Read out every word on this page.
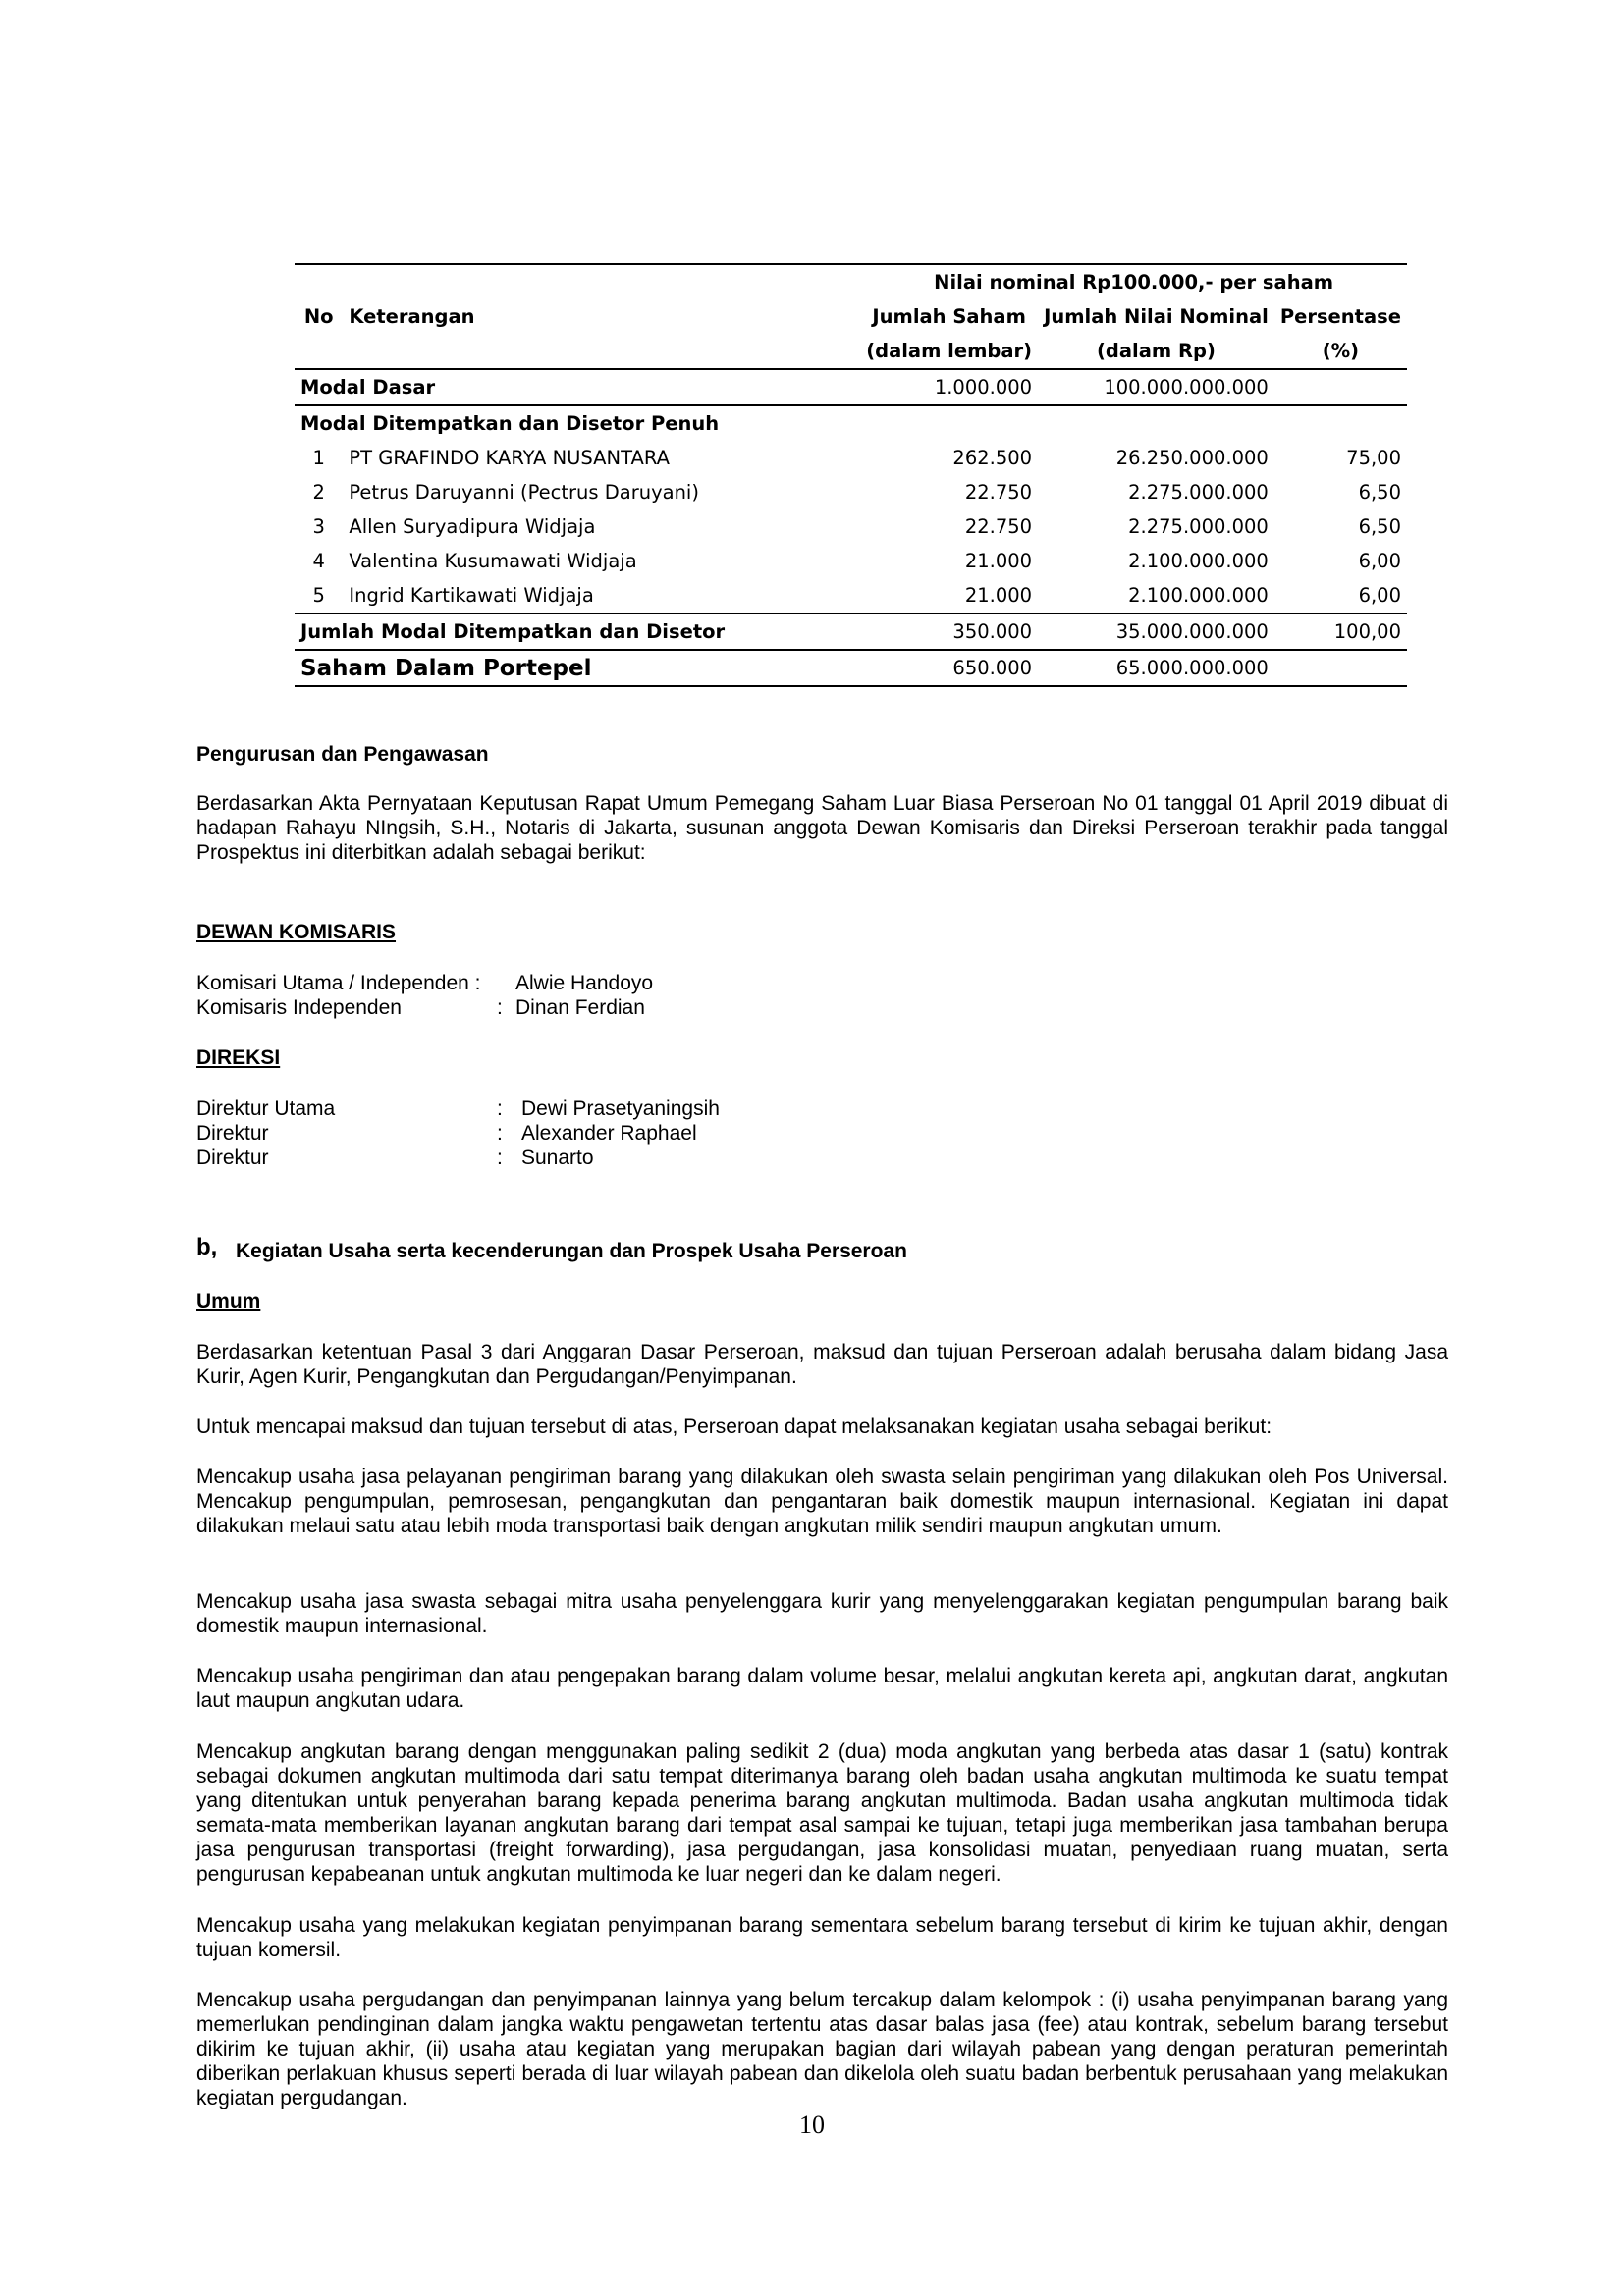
		Nilai nominal Rp100.000,- per saham		
No	Keterangan	Jumlah Saham	Jumlah Nilai Nominal	Persentase
		(dalam lembar)	(dalam Rp)	(%)
Modal Dasar		1.000.000	100.000.000.000	
Modal Ditempatkan dan Disetor Penuh				
1	PT GRAFINDO KARYA NUSANTARA	262.500	26.250.000.000	75,00
2	Petrus Daruyanni (Pectrus Daruyani)	22.750	2.275.000.000	6,50
3	Allen Suryadipura Widjaja	22.750	2.275.000.000	6,50
4	Valentina Kusumawati Widjaja	21.000	2.100.000.000	6,00
5	Ingrid Kartikawati Widjaja	21.000	2.100.000.000	6,00
Jumlah Modal Ditempatkan dan Disetor		350.000	35.000.000.000	100,00
Saham Dalam Portepel		650.000	65.000.000.000	
Pengurusan dan Pengawasan
Berdasarkan Akta Pernyataan Keputusan Rapat Umum Pemegang Saham Luar Biasa Perseroan No 01 tanggal 01 April 2019 dibuat di hadapan Rahayu NIngsih, S.H., Notaris di Jakarta, susunan anggota Dewan Komisaris dan Direksi Perseroan terakhir pada tanggal Prospektus ini diterbitkan adalah sebagai berikut:
DEWAN KOMISARIS
Komisari Utama / Independen : Alwie Handoyo
Komisaris Independen	: Dinan Ferdian
DIREKSI
Direktur Utama	: Dewi Prasetyaningsih
Direktur	: Alexander Raphael
Direktur	: Sunarto
b, Kegiatan Usaha serta kecenderungan dan Prospek Usaha Perseroan
Umum
Berdasarkan ketentuan Pasal 3 dari Anggaran Dasar Perseroan, maksud dan tujuan Perseroan adalah berusaha dalam bidang Jasa Kurir, Agen Kurir, Pengangkutan dan Pergudangan/Penyimpanan.
Untuk mencapai maksud dan tujuan tersebut di atas, Perseroan dapat melaksanakan kegiatan usaha sebagai berikut:
Mencakup usaha jasa pelayanan pengiriman barang yang dilakukan oleh swasta selain pengiriman yang dilakukan oleh Pos Universal. Mencakup pengumpulan, pemrosesan, pengangkutan dan pengantaran baik domestik maupun internasional. Kegiatan ini dapat dilakukan melaui satu atau lebih moda transportasi baik dengan angkutan milik sendiri maupun angkutan umum.
Mencakup usaha jasa swasta sebagai mitra usaha penyelenggara kurir yang menyelenggarakan kegiatan pengumpulan barang baik domestik maupun internasional.
Mencakup usaha pengiriman dan atau pengepakan barang dalam volume besar, melalui angkutan kereta api, angkutan darat, angkutan laut maupun angkutan udara.
Mencakup angkutan barang dengan menggunakan paling sedikit 2 (dua) moda angkutan yang berbeda atas dasar 1 (satu) kontrak sebagai dokumen angkutan multimoda dari satu tempat diterimanya barang oleh badan usaha angkutan multimoda ke suatu tempat yang ditentukan untuk penyerahan barang kepada penerima barang angkutan multimoda. Badan usaha angkutan multimoda tidak semata-mata memberikan layanan angkutan barang dari tempat asal sampai ke tujuan, tetapi juga memberikan jasa tambahan berupa jasa pengurusan transportasi (freight forwarding), jasa pergudangan, jasa konsolidasi muatan, penyediaan ruang muatan, serta pengurusan kepabeanan untuk angkutan multimoda ke luar negeri dan ke dalam negeri.
Mencakup usaha yang melakukan kegiatan penyimpanan barang sementara sebelum barang tersebut di kirim ke tujuan akhir, dengan tujuan komersil.
Mencakup usaha pergudangan dan penyimpanan lainnya yang belum tercakup dalam kelompok : (i) usaha penyimpanan barang yang memerlukan pendinginan dalam jangka waktu pengawetan tertentu atas dasar balas jasa (fee) atau kontrak, sebelum barang tersebut dikirim ke tujuan akhir, (ii) usaha atau kegiatan yang merupakan bagian dari wilayah pabean yang dengan peraturan pemerintah diberikan perlakuan khusus seperti berada di luar wilayah pabean dan dikelola oleh suatu badan berbentuk perusahaan yang melakukan kegiatan pergudangan.
10
